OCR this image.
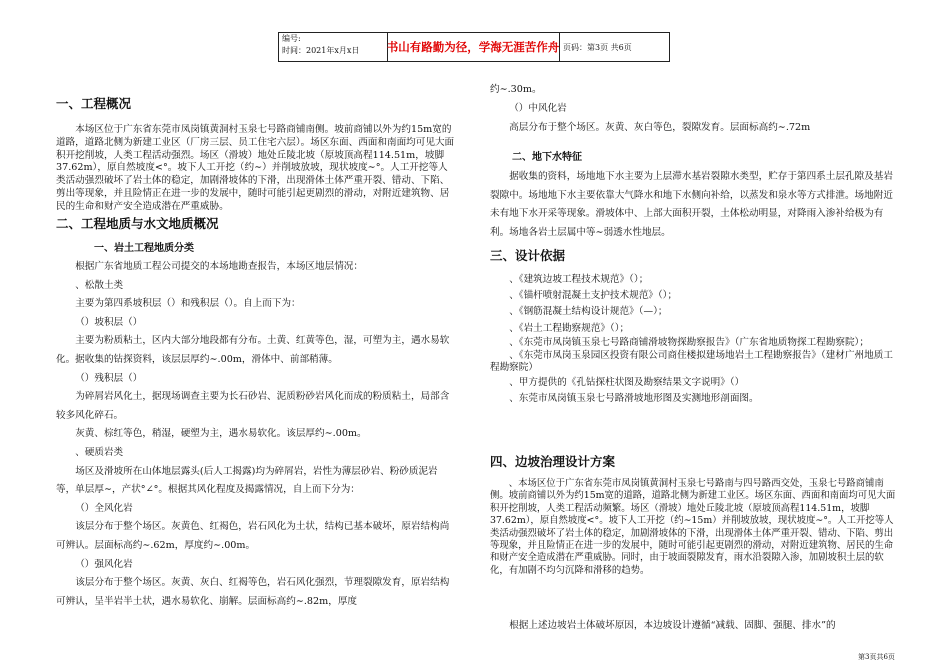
编号:
时间：2021年x月x日	书山有路勤为径，学海无涯苦作舟 页码：第3页 共6页

一、工程概况

本场区位于广东省东莞市凤岗镇黄洞村玉泉七号路商铺南侧。坡前商铺以外为约15m宽的道路，道路北侧为新建工业区（厂房三层、员工住宅六层）。场区东面、西面和南面均可见大面积开挖削坡，人类工程活动强烈。场区（滑坡）地处丘陵北坡（原坡顶高程114.51m，坡脚37.62m），原自然坡度<°。坡下人工开挖（约∼）并削坡放坡，现状坡度∼°。人工开挖等人类活动强烈破坏了岩土体的稳定，加剧滑坡体的下滑，出现滑体土体严重开裂、错动、下陷、剪出等现象，并且险情正在进一步的发展中，随时可能引起更剧烈的滑动，对附近建筑物、居民的生命和财产安全造成潜在严重威胁。

二、工程地质与水文地质概况

一、岩土工程地质分类

根据广东省地质工程公司提交的本场地勘查报告，本场区地层情况：

、松散土类

主要为第四系坡积层（）和残积层（）。自上而下为：

（）坡积层（）

主要为粉质粘土，区内大部分地段都有分布。土黄、红黄等色，湿，可塑为主，遇水易软化。据收集的钻探资料，该层层厚约∼.00m，滑体中、前部稍薄。

（）残积层（）

为碎屑岩风化土，据现场调查主要为长石砂岩、泥质粉砂岩风化而成的粉质粘土，局部含较多风化碎石。

灰黄、棕红等色，稍湿，硬塑为主，遇水易软化。该层厚约∼.00m。

、硬质岩类

场区及滑坡所在山体地层露头(后人工揭露)均为碎屑岩，岩性为薄层砂岩、粉砂质泥岩等，单层厚∼，产状°∠°。根据其风化程度及揭露情况，自上而下分为：

（）全风化岩

该层分布于整个场区。灰黄色、红褐色，岩石风化为土状，结构已基本破坏，原岩结构尚可辨认。层面标高约∼.62m，厚度约∼.00m。

（）强风化岩

该层分布于整个场区。灰黄、灰白、红褐等色，岩石风化强烈，节理裂隙发育，原岩结构可辨认，呈半岩半土状，遇水易软化、崩解。层面标高约∼.82m，厚度

约∼.30m。

（）中风化岩

高层分布于整个场区。灰黄、灰白等色，裂隙发育。层面标高约∼.72m

二、地下水特征

据收集的资料，场地地下水主要为上层滞水基岩裂隙水类型，贮存于第四系土层孔隙及基岩裂隙中。场地地下水主要依靠大气降水和地下水侧向补给，以蒸发和泉水等方式排泄。场地附近未有地下水开采等现象。滑坡体中、上部大面积开裂，土体松动明显，对降雨入渗补给极为有利。场地各岩土层属中等∼弱透水性地层。

三、设计依据

、《建筑边坡工程技术规范》（）；

、《锚杆喷射混凝土支护技术规范》（）；

、《钢筋混凝土结构设计规范》（—）；

、《岩土工程勘察规范》（）；

、《东莞市凤岗镇玉泉七号路商铺滑坡物探勘察报告》（广东省地质物探工程勘察院）；

、《东莞市凤岗玉泉园区投资有限公司商住楼拟建场地岩土工程勘察报告》（建材广州地质工程勘察院）

、甲方提供的《孔钻探柱状图及勘察结果文字说明》（）

、东莞市凤岗镇玉泉七号路滑坡地形图及实测地形剖面图。

四、边坡治理设计方案

、本场区位于广东省东莞市凤岗镇黄洞村玉泉七号路南与四号路西交处，玉泉七号路商铺南侧。坡前商铺以外为约15m宽的道路，道路北侧为新建工业区。场区东面、西面和南面均可见大面积开挖削坡，人类工程活动频繁。场区（滑坡）地处丘陵北坡（原坡顶高程114.51m，坡脚37.62m），原自然坡度<°。坡下人工开挖（约∼15m）并削坡放坡，现状坡度∼°。人工开挖等人类活动强烈破坏了岩土体的稳定，加剧滑坡体的下滑，出现滑体土体严重开裂、错动、下陷、剪出等现象，并且险情正在进一步的发展中，随时可能引起更剧烈的滑动，对附近建筑物、居民的生命和财产安全造成潜在严重威胁。同时，由于坡面裂隙发育，雨水沿裂隙入渗，加剧坡积土层的软化，有加剧不均匀沉降和滑移的趋势。

根据上述边坡岩土体破坏原因，本边坡设计遵循“减载、固脚、强腿、排水”的

第3页共6页
